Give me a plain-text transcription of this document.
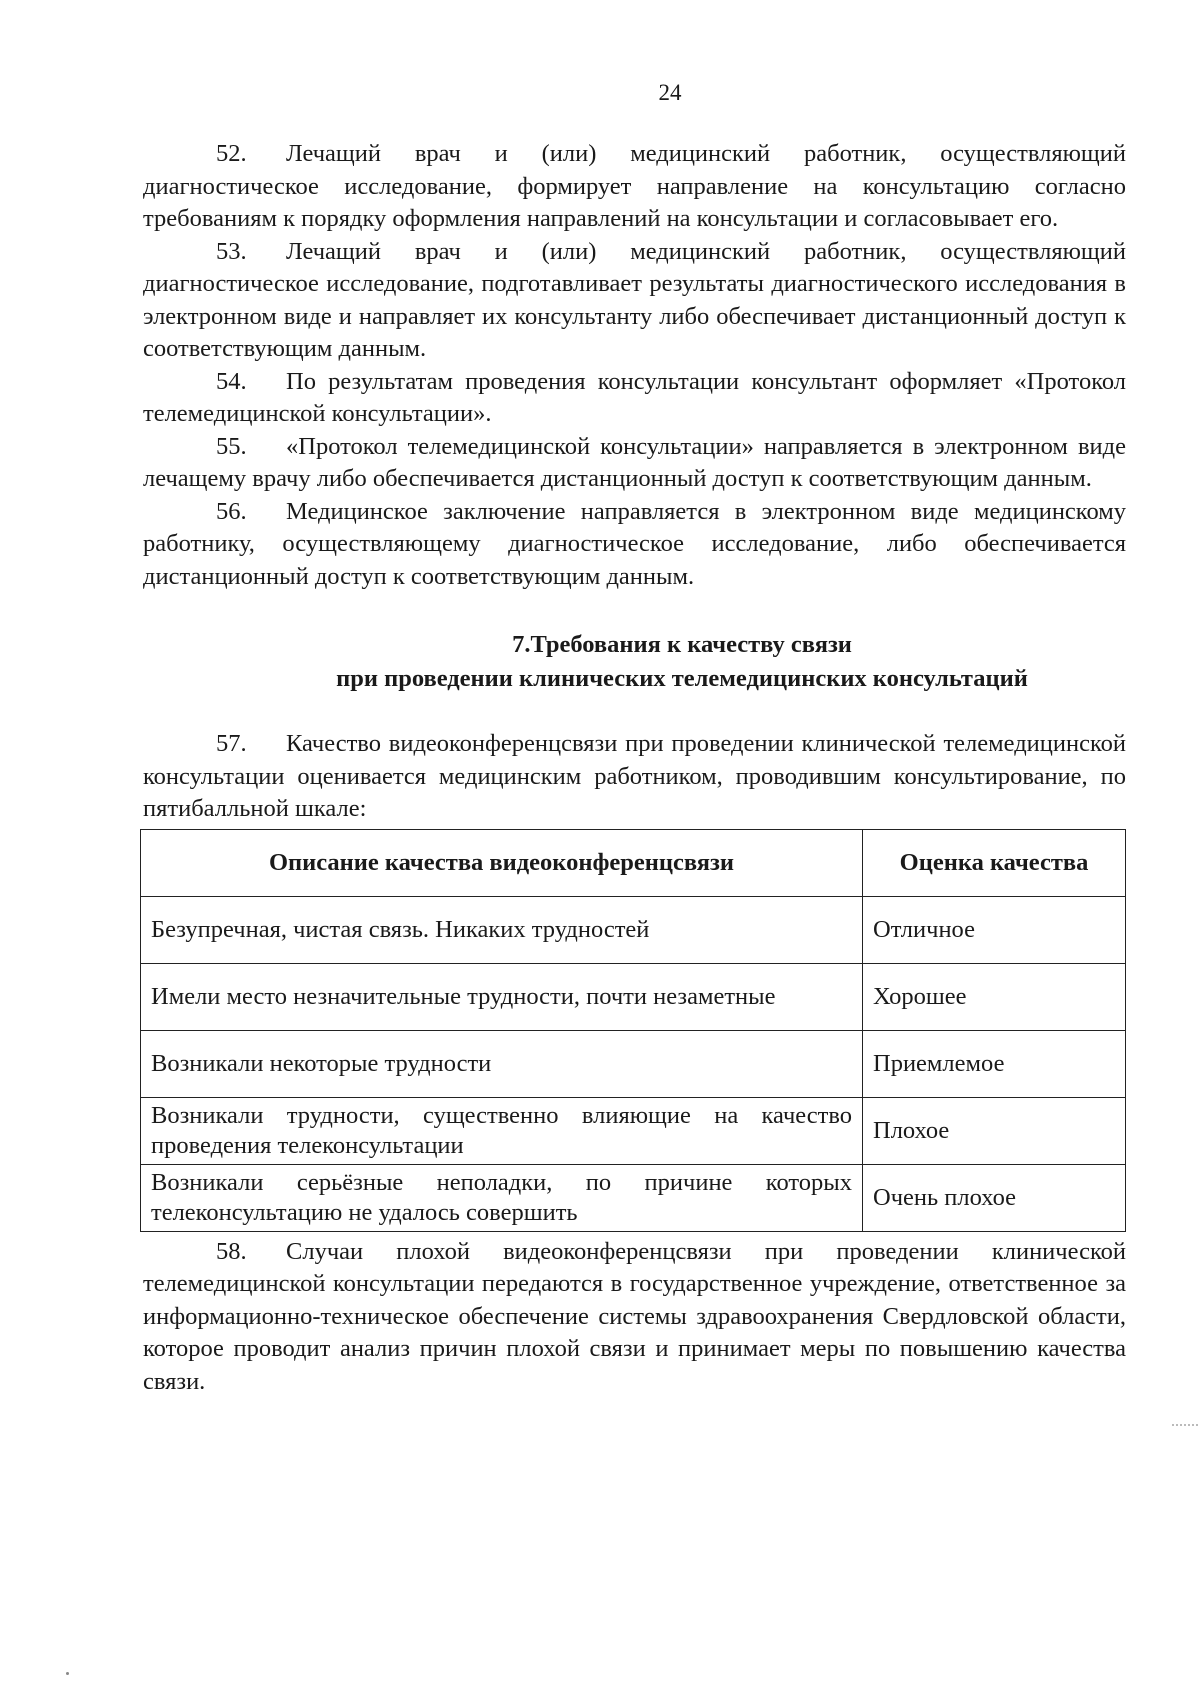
24

52. Лечащий врач и (или) медицинский работник, осуществляющий диагностическое исследование, формирует направление на консультацию согласно требованиям к порядку оформления направлений на консультации и согласовывает его.

53. Лечащий врач и (или) медицинский работник, осуществляющий диагностическое исследование, подготавливает результаты диагностического исследования в электронном виде и направляет их консультанту либо обеспечивает дистанционный доступ к соответствующим данным.

54. По результатам проведения консультации консультант оформляет «Протокол телемедицинской консультации».

55. «Протокол телемедицинской консультации» направляется в электронном виде лечащему врачу либо обеспечивается дистанционный доступ к соответствующим данным.

56. Медицинское заключение направляется в электронном виде медицинскому работнику, осуществляющему диагностическое исследование, либо обеспечивается дистанционный доступ к соответствующим данным.

7.Требования к качеству связи
при проведении клинических телемедицинских консультаций

57. Качество видеоконференцсвязи при проведении клинической телемедицинской консультации оценивается медицинским работником, проводившим консультирование, по пятибалльной шкале:

Описание качества видеоконференцсвязи	Оценка качества
Безупречная, чистая связь. Никаких трудностей	Отличное
Имели место незначительные трудности, почти незаметные	Хорошее
Возникали некоторые трудности	Приемлемое
Возникали трудности, существенно влияющие на качество проведения телеконсультации	Плохое
Возникали серьёзные неполадки, по причине которых телеконсультацию не удалось совершить	Очень плохое

58. Случаи плохой видеоконференцсвязи при проведении клинической телемедицинской консультации передаются в государственное учреждение, ответственное за информационно-техническое обеспечение системы здравоохранения Свердловской области, которое проводит анализ причин плохой связи и принимает меры по повышению качества связи.
